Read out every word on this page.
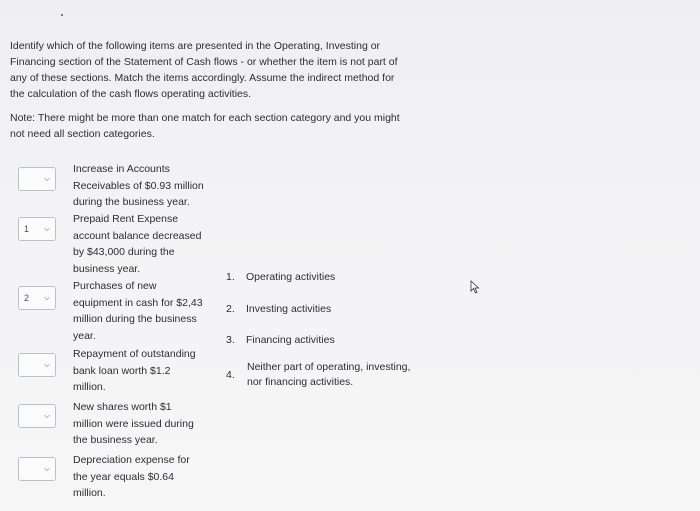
Identify which of the following items are presented in the Operating, Investing or
Financing section of the Statement of Cash flows - or whether the item is not part of
any of these sections. Match the items accordingly. Assume the indirect method for
the calculation of the cash flows operating activities.
Note: There might be more than one match for each section category and you might
not need all section categories.
⌵
Increase in Accounts
Receivables of $0.93 million
during the business year.
1 ⌵
Prepaid Rent Expense
account balance decreased
by $43,000 during the
business year.
2 ⌵
Purchases of new
equipment in cash for $2,43
million during the business
year.
⌵
Repayment of outstanding
bank loan worth $1.2
million.
⌵
New shares worth $1
million were issued during
the business year.
⌵
Depreciation expense for
the year equals $0.64
million.
1. Operating activities
2. Investing activities
3. Financing activities
4.
Neither part of operating, investing,
nor financing activities.
